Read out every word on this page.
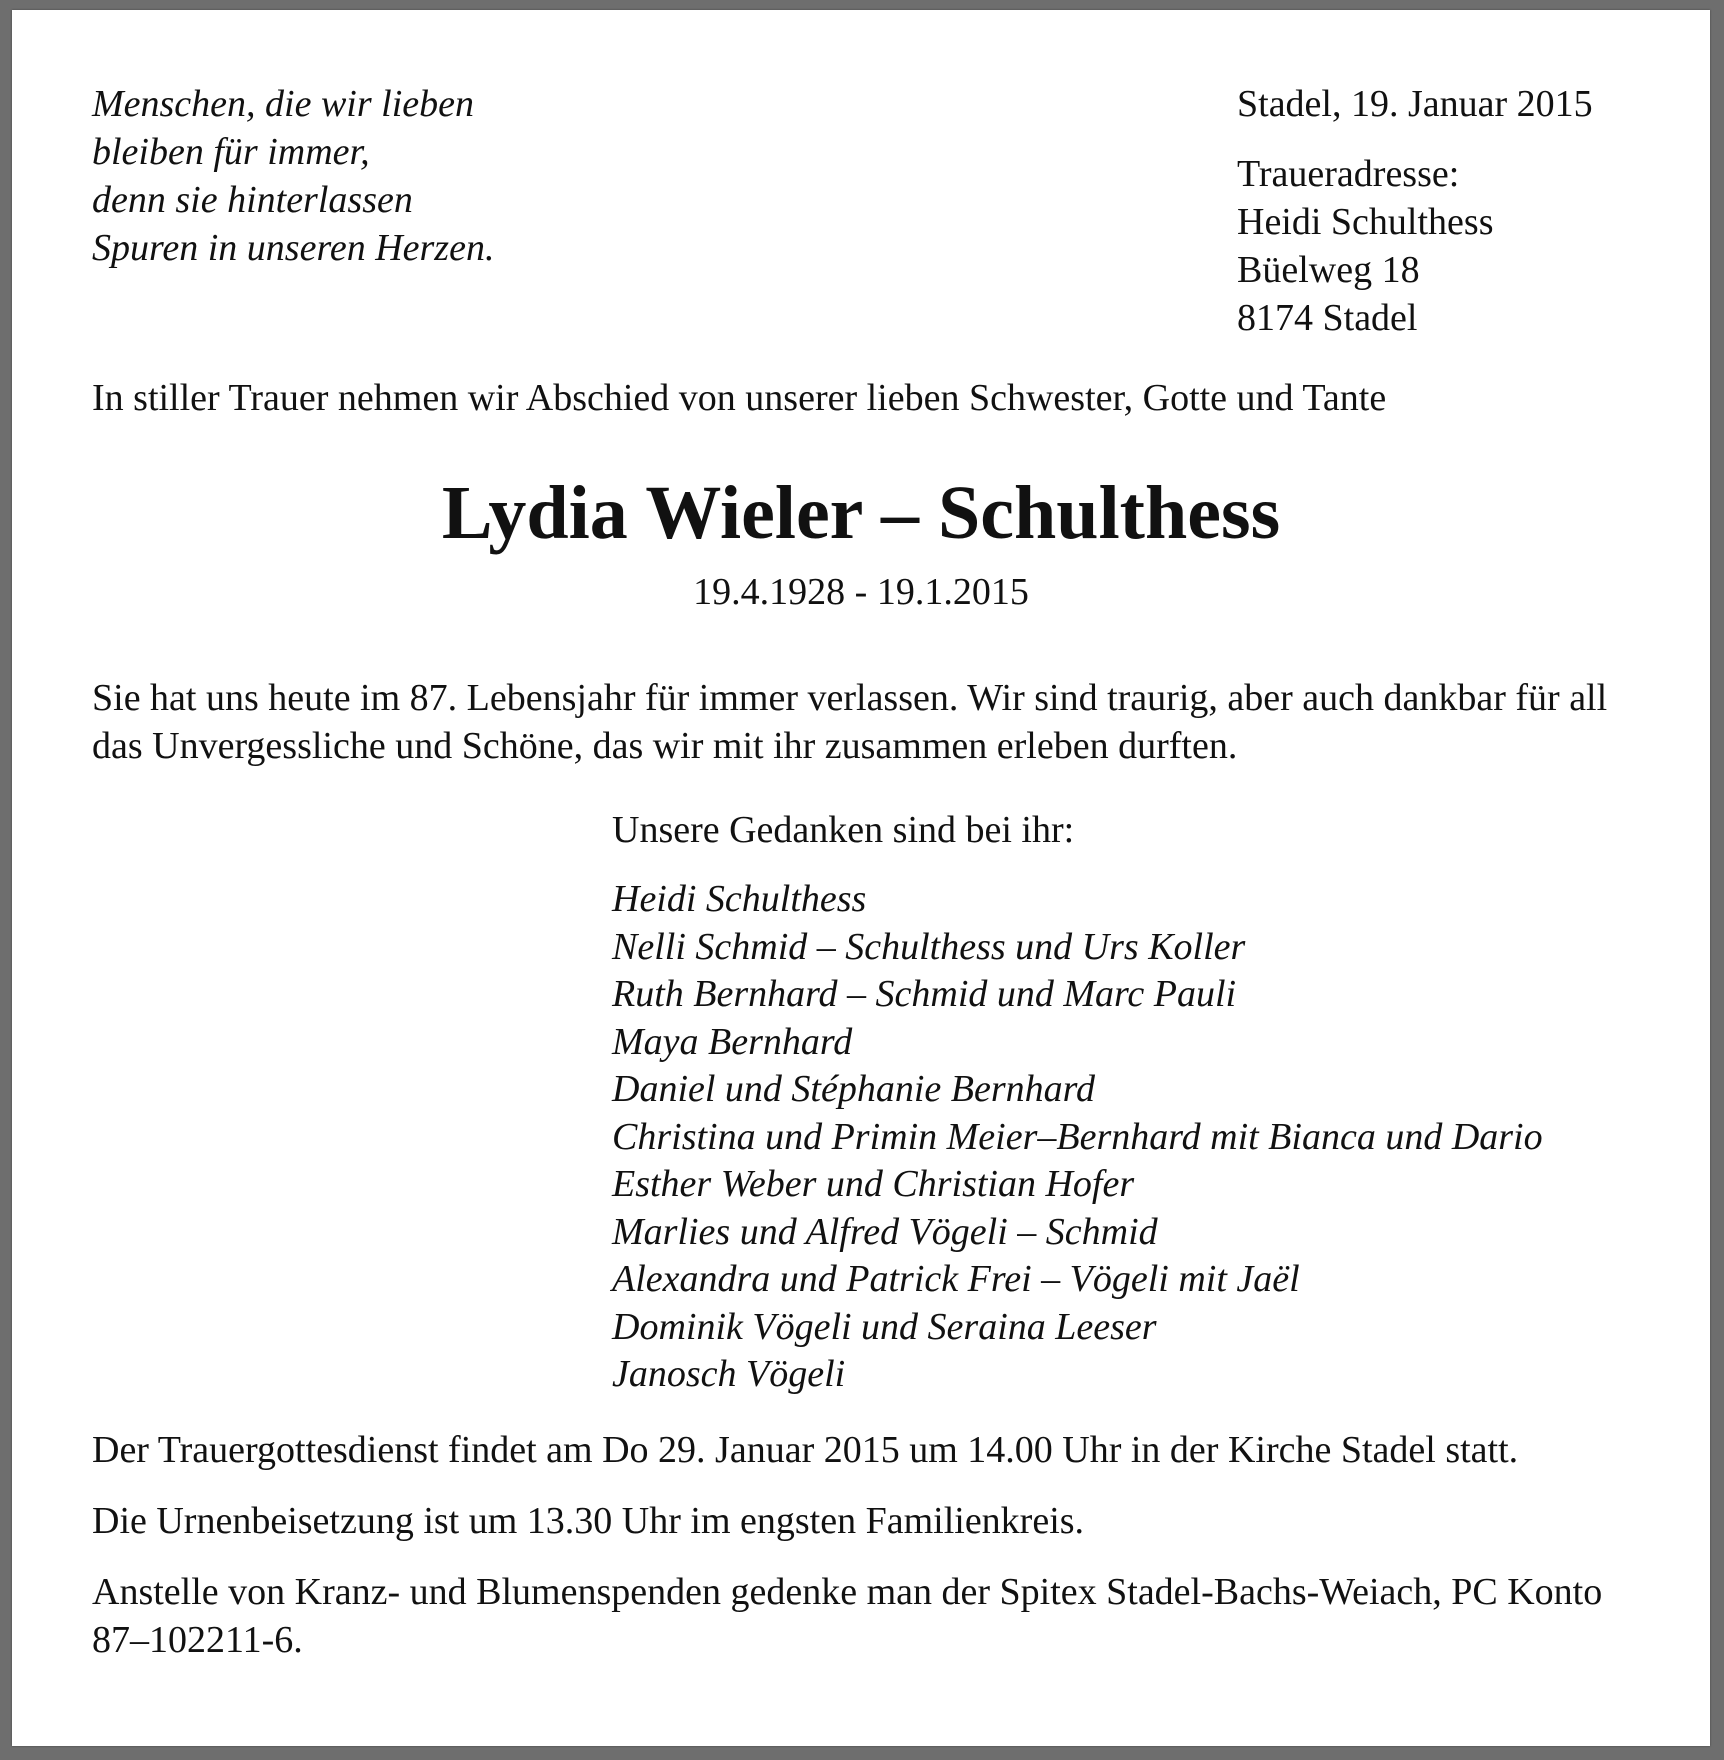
Menschen, die wir lieben
bleiben für immer,
denn sie hinterlassen
Spuren in unseren Herzen.
Stadel, 19. Januar 2015
Traueradresse:
Heidi Schulthess
Büelweg 18
8174 Stadel
In stiller Trauer nehmen wir Abschied von unserer lieben Schwester, Gotte und Tante
Lydia Wieler – Schulthess
19.4.1928 - 19.1.2015
Sie hat uns heute im 87. Lebensjahr für immer verlassen. Wir sind traurig, aber auch dankbar für all das Unvergessliche und Schöne, das wir mit ihr zusammen erleben durften.
Unsere Gedanken sind bei ihr:
Heidi Schulthess
Nelli Schmid – Schulthess und Urs Koller
Ruth Bernhard – Schmid und Marc Pauli
Maya Bernhard
Daniel und Stéphanie Bernhard
Christina und Primin Meier–Bernhard mit Bianca und Dario
Esther Weber und Christian Hofer
Marlies und Alfred Vögeli – Schmid
Alexandra und Patrick Frei – Vögeli mit Jaël
Dominik Vögeli und Seraina Leeser
Janosch Vögeli
Der Trauergottesdienst findet am Do 29. Januar 2015 um 14.00 Uhr in der Kirche Stadel statt.
Die Urnenbeisetzung ist um 13.30 Uhr im engsten Familienkreis.
Anstelle von Kranz- und Blumenspenden gedenke man der Spitex Stadel-Bachs-Weiach, PC Konto 87–102211-6.
